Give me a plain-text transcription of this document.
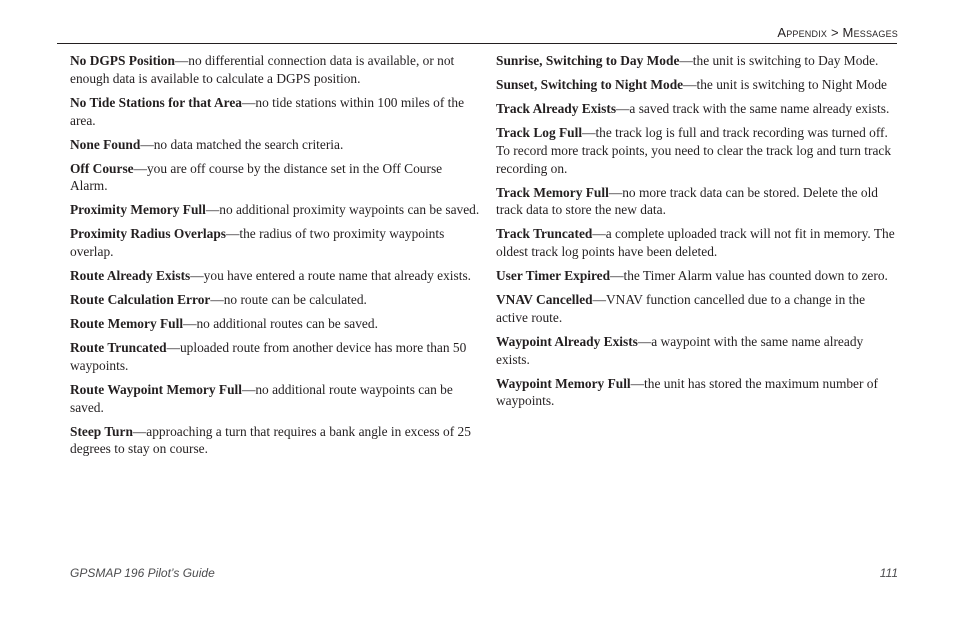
Appendix > Messages

No DGPS Position—no differential connection data is available, or not enough data is available to calculate a DGPS position.

No Tide Stations for that Area—no tide stations within 100 miles of the area.

None Found—no data matched the search criteria.

Off Course—you are off course by the distance set in the Off Course Alarm.

Proximity Memory Full—no additional proximity waypoints can be saved.

Proximity Radius Overlaps—the radius of two proximity waypoints overlap.

Route Already Exists—you have entered a route name that already exists.

Route Calculation Error—no route can be calculated.

Route Memory Full—no additional routes can be saved.

Route Truncated—uploaded route from another device has more than 50 waypoints.

Route Waypoint Memory Full—no additional route waypoints can be saved.

Steep Turn—approaching a turn that requires a bank angle in excess of 25 degrees to stay on course.

Sunrise, Switching to Day Mode—the unit is switching to Day Mode.

Sunset, Switching to Night Mode—the unit is switching to Night Mode

Track Already Exists—a saved track with the same name already exists.

Track Log Full—the track log is full and track recording was turned off. To record more track points, you need to clear the track log and turn track recording on.

Track Memory Full—no more track data can be stored. Delete the old track data to store the new data.

Track Truncated—a complete uploaded track will not fit in memory. The oldest track log points have been deleted.

User Timer Expired—the Timer Alarm value has counted down to zero.

VNAV Cancelled—VNAV function cancelled due to a change in the active route.

Waypoint Already Exists—a waypoint with the same name already exists.

Waypoint Memory Full—the unit has stored the maximum number of waypoints.

GPSMAP 196 Pilot’s Guide	111
